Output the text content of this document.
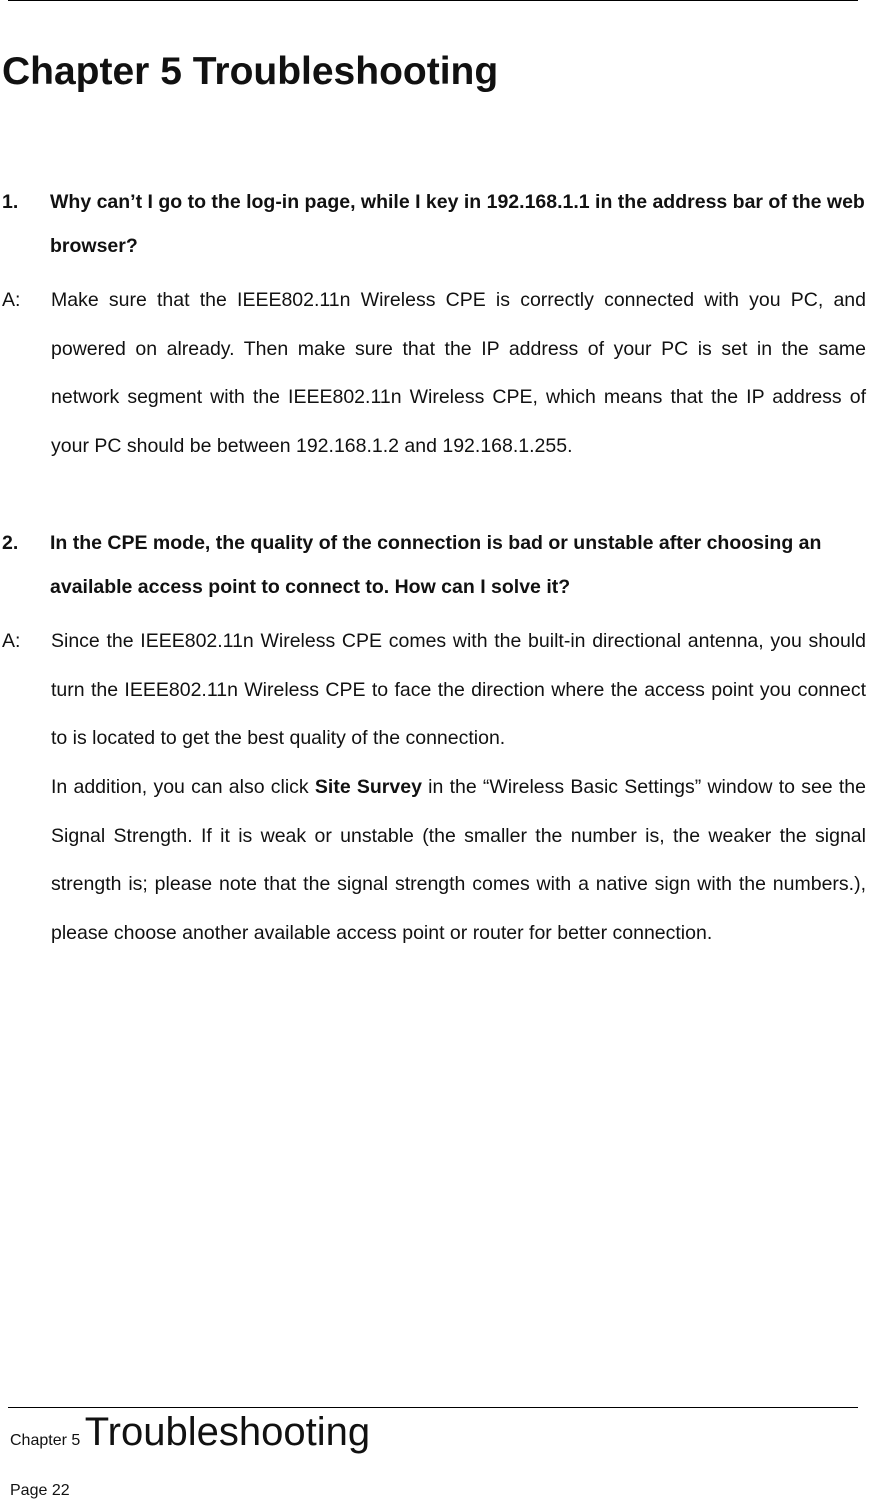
Chapter 5 Troubleshooting
1. Why can’t I go to the log-in page, while I key in 192.168.1.1 in the address bar of the web browser?
A: Make sure that the IEEE802.11n Wireless CPE is correctly connected with you PC, and powered on already. Then make sure that the IP address of your PC is set in the same network segment with the IEEE802.11n Wireless CPE, which means that the IP address of your PC should be between 192.168.1.2 and 192.168.1.255.
2. In the CPE mode, the quality of the connection is bad or unstable after choosing an available access point to connect to. How can I solve it?
A: Since the IEEE802.11n Wireless CPE comes with the built-in directional antenna, you should turn the IEEE802.11n Wireless CPE to face the direction where the access point you connect to is located to get the best quality of the connection.
In addition, you can also click Site Survey in the “Wireless Basic Settings” window to see the Signal Strength. If it is weak or unstable (the smaller the number is, the weaker the signal strength is; please note that the signal strength comes with a native sign with the numbers.), please choose another available access point or router for better connection.
Chapter 5 Troubleshooting
Page 22
